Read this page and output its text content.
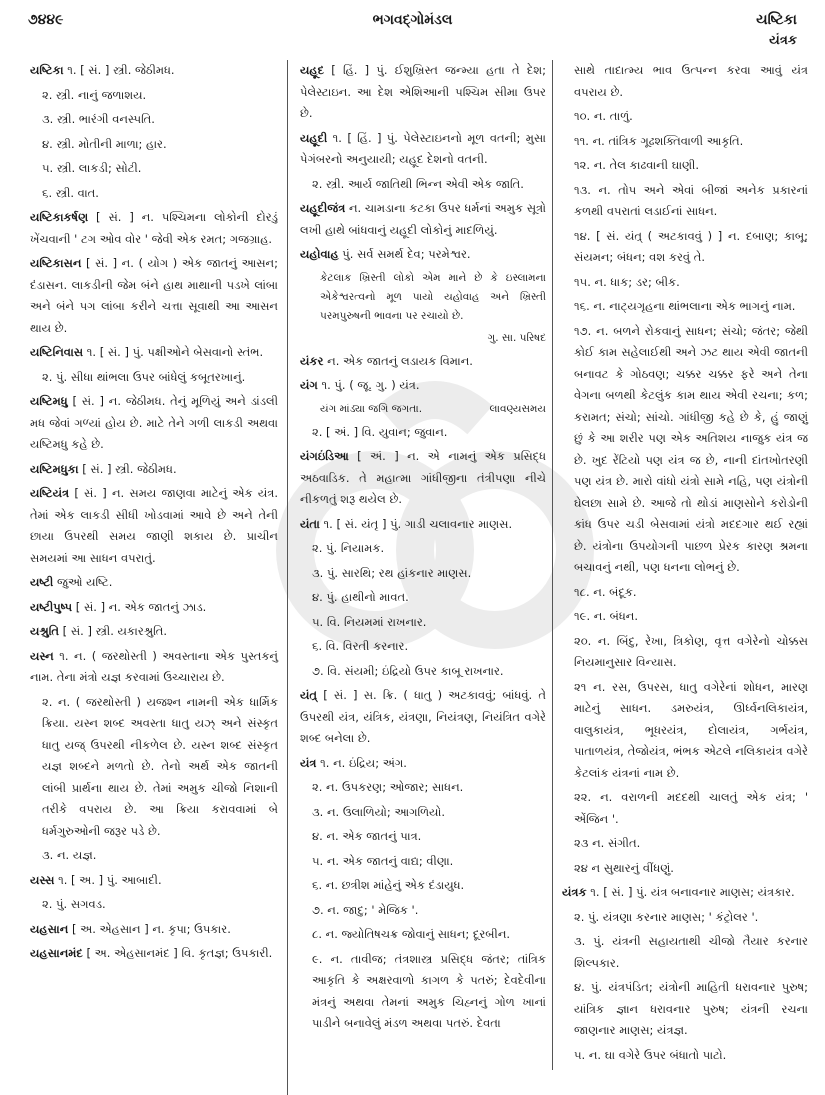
૭૪૪૯	ભગવદ્ગોમંડલ	યષ્ટિકા
યંત્રક
યષ્ટિકા ૧. [ સં. ] સ્ત્રી. જેઠીમધ.
૨. સ્ત્રી. નાનું જળાશય.
૩. સ્ત્રી. ભારંગી વનસ્પતિ.
૪. સ્ત્રી. મોતીની માળા; હાર.
૫. સ્ત્રી. લાકડી; સોટી.
૬. સ્ત્રી. વાત.
યષ્ટિકાકર્ષણ [ સં. ] ન. પશ્ચિમના લોકોની દોરડું ખેંચવાની ' ટગ ઓવ વોર ' જેવી એક રમત; ગજગ્રાહ.
યષ્ટિકાસન [ સં. ] ન. ( યોગ ) એક જાતનું આસન; દંડાસન. લાકડીની જેમ બંને હાથ માથાની પડખે લાંબા અને બંને પગ લાંબા કરીને ચત્તા સૂવાથી આ આસન થાય છે.
યષ્ટિનિવાસ ૧. [ સં. ] પું. પક્ષીઓને બેસવાનો સ્તંભ.
૨. પું. સીધા થાંભલા ઉપર બાંધેલું કબૂતરખાનું.
યષ્ટિમધુ [ સં. ] ન. જેઠીમધ. તેનું મૂળિયું અને ડાંડલી મધ જેવાં ગળ્યાં હોય છે. માટે તેને ગળી લાકડી અથવા યષ્ટિમધુ કહે છે.
યષ્ટિમધુકા [ સં. ] સ્ત્રી. જેઠીમધ.
યષ્ટિયંત્ર [ સં. ] ન. સમય જાણવા માટેનું એક યંત્ર. તેમાં એક લાકડી સીધી ખોડવામાં આવે છે અને તેની છાયા ઉપરથી સમય જાણી શકાય છે. પ્રાચીન સમયમાં આ સાધન વપરાતું.
યષ્ટી જુઓ યષ્ટિ.
યષ્ટીપુષ્પ [ સં. ] ન. એક જાતનું ઝાડ.
યશ્રુતિ [ સં. ] સ્ત્રી. યકારશ્રુતિ.
યસ્ન ૧. ન. ( જરથોસ્તી ) અવસ્તાના એક પુસ્તકનું નામ. તેના મંત્રો યજ્ઞ કરવામાં ઉચ્ચારાય છે.
૨. ન. ( જરથોસ્તી ) યજશ્ન નામની એક ધાર્મિક ક્રિયા. યસ્ન શબ્દ અવસ્તા ધાતુ યઝ્ અને સંસ્કૃત ધાતુ યજ્ ઉપરથી નીકળેલ છે. યસ્ન શબ્દ સંસ્કૃત યજ્ઞ શબ્દને મળતો છે. તેનો અર્થ એક જાતની લાંબી પ્રાર્થના થાય છે. તેમાં અમુક ચીજો નિશાની તરીકે વપરાય છે. આ ક્રિયા કરાવવામાં બે ધર્મગુરુઓની જરૂર પડે છે.
૩. ન. યજ્ઞ.
યસ્સ ૧. [ અ. ] પું. આબાદી.
૨. પું. સગવડ.
યહસાન [ અ. એહસાન ] ન. કૃપા; ઉપકાર.
યહસાનમંદ [ અ. એહસાનમંદ ] વિ. કૃતજ્ઞ; ઉપકારી.
યહૂદ [ હિં. ] પું. ઈશુખ્રિસ્ત જન્મ્યા હતા તે દેશ; પેલેસ્ટાઇન. આ દેશ એશિઆની પશ્ચિમ સીમા ઉપર છે.
યહૂદી ૧. [ હિં. ] પું. પેલેસ્ટાઇનનો મૂળ વતની; મુસા પેગંબરનો અનુયાયી; યહૂદ દેશનો વતની.
૨. સ્ત્રી. આર્ય જાતિથી ભિન્ન એવી એક જાતિ.
યહૂદીજંત્ર ન. ચામડાના કટકા ઉપર ધર્મનાં અમુક સૂત્રો લખી હાથે બાંધવાનું યહૂદી લોકોનું માદળિયું.
યહોવાહ પું. સર્વ સમર્થ દેવ; પરમેશ્વર.
કેટલાક ખ્રિસ્તી લોકો એમ માને છે કે ઇસ્લામના એકેશ્વરત્વનો મૂળ પાયો યહોવાહ અને ખ્રિસ્તી પરમપુરુષની ભાવના પર રચાયો છે.
ગુ. સા. પરિષદ
યંકર ન. એક જાતનું લડાયક વિમાન.
યંગ ૧. પું. ( જૂ. ગુ. ) યંત્ર.
યંગ માંડ્યા જગિ જગતા.	લાવણ્યસમય
૨. [ અં. ] વિ. યુવાન; જુવાન.
યંગઇંડિઆ [ અં. ] ન. એ નામનું એક પ્રસિદ્ધ અઠવાડિક. તે મહાત્મા ગાંધીજીના તંત્રીપણા નીચે નીકળતું શરૂ થયેલ છે.
યંતા ૧. [ સં. યંતૃ ] પું. ગાડી ચલાવનાર માણસ.
૨. પું. નિયામક.
૩. પું. સારથિ; રથ હાંકનાર માણસ.
૪. પું. હાથીનો માવત.
૫. વિ. નિયમમાં રાખનાર.
૬. વિ. વિરતી કરનાર.
૭. વિ. સંયમી; ઇંદ્રિયો ઉપર કાબૂ રાખનાર.
યંત્ર્ [ સં. ] સ. ક્રિ. ( ધાતુ ) અટકાવવું; બાંધવું. તે ઉપરથી યંત્ર, યંત્રિક, યંત્રણા, નિયંત્રણ, નિયંત્રિત વગેરે શબ્દ બનેલા છે.
યંત્ર ૧. ન. ઇંદ્રિય; અંગ.
૨. ન. ઉપકરણ; ઓજાર; સાધન.
૩. ન. ઉલાળિયો; આગળિયો.
૪. ન. એક જાતનું પાત્ર.
૫. ન. એક જાતનું વાદ્ય; વીણા.
૬. ન. છત્રીશ માંહેનું એક દંડાયુધ.
૭. ન. જાદુ; ' મેજિક '.
૮. ન. જ્યોતિષચક્ર જોવાનું સાધન; દૂરબીન.
૯. ન. તાવીજ; તંત્રશાસ્ત્ર પ્રસિદ્ધ જંતર; તાંત્રિક આકૃતિ કે અક્ષરવાળો કાગળ કે પતરું; દેવદેવીના મંત્રનું અથવા તેમનાં અમુક ચિહ્નનું ગોળ ખાનાં પાડીને બનાવેલું મંડળ અથવા પતરું. દેવતા
સાથે તાદાત્મ્ય ભાવ ઉત્પન્ન કરવા આવું યંત્ર વપરાય છે.
૧૦. ન. તાળું.
૧૧. ન. તાંત્રિક ગૂઢશક્તિવાળી આકૃતિ.
૧૨. ન. તેલ કાઢવાની ઘાણી.
૧૩. ન. તોપ અને એવાં બીજાં અનેક પ્રકારનાં કળથી વપરાતાં લડાઈનાં સાધન.
૧૪. [ સં. યંત્ર્ ( અટકાવવું ) ] ન. દબાણ; કાબૂ; સંયમન; બંધન; વશ કરવું તે.
૧૫. ન. ધાક; ડર; બીક.
૧૬. ન. નાટ્યગૃહના થાંભલાના એક ભાગનું નામ.
૧૭. ન. બળને રોકવાનું સાધન; સંચો; જંતર; જેથી કોઈ કામ સહેલાઈથી અને ઝટ થાય એવી જાતની બનાવટ કે ગોઠવણ; ચક્કર ચક્કર ફરે અને તેના વેગના બળથી કેટલુંક કામ થાય એવી રચના; કળ; કરામત; સંચો; સાંચો. ગાંધીજી કહે છે કે, હું જાણું છું કે આ શરીર પણ એક અતિશય નાજુક યંત્ર જ છે. ખુદ રેંટિયો પણ યંત્ર જ છે, નાની દાંતખોતરણી પણ યંત્ર છે. મારો વાંધો યંત્રો સામે નહિ, પણ યંત્રોની ઘેલછા સામે છે. આજે તો થોડાં માણસોને કરોડોની કાંધ ઉપર ચડી બેસવામાં યંત્રો મદદગાર થઈ રહ્યાં છે. યંત્રોના ઉપયોગની પાછળ પ્રેરક કારણ શ્રમના બચાવનું નથી, પણ ધનના લોભનું છે.
૧૮. ન. બંદૂક.
૧૯. ન. બંધન.
૨૦. ન. બિંદુ, રેખા, ત્રિકોણ, વૃત્ત વગેરેનો ચોક્કસ નિયમાનુસાર વિન્યાસ.
૨૧ ન. રસ, ઉપરસ, ધાતુ વગેરેનાં શોધન, મારણ માટેનું સાધન. ડમરુયંત્ર, ઊર્ધ્વનલિકાયંત્ર, વાલુકાયંત્ર, ભૂધરયંત્ર, દોલાયંત્ર, ગર્ભયંત્ર, પાતાળયંત્ર, તેજોયંત્ર, ભંભક એટલે નલિકાયંત્ર વગેરે કેટલાંક યંત્રનાં નામ છે.
૨૨. ન. વરાળની મદદથી ચાલતું એક યંત્ર; ' એંજિન '.
૨૩ ન. સંગીત.
૨૪ ન સુથારનું વીંધણું.
યંત્રક ૧. [ સં. ] પું. યંત્ર બનાવનાર માણસ; યંત્રકાર.
૨. પું. યંત્રણા કરનાર માણસ; ' કંટ્રોલર '.
૩. પું. યંત્રની સહાયતાથી ચીજો તૈયાર કરનાર શિલ્પકાર.
૪. પું. યંત્રપંડિત; યંત્રોની માહિતી ધરાવનાર પુરુષ; યાંત્રિક જ્ઞાન ધરાવનાર પુરુષ; યંત્રની રચના જાણનાર માણસ; યંત્રજ્ઞ.
૫. ન. ઘા વગેરે ઉપર બંધાતો પાટો.
